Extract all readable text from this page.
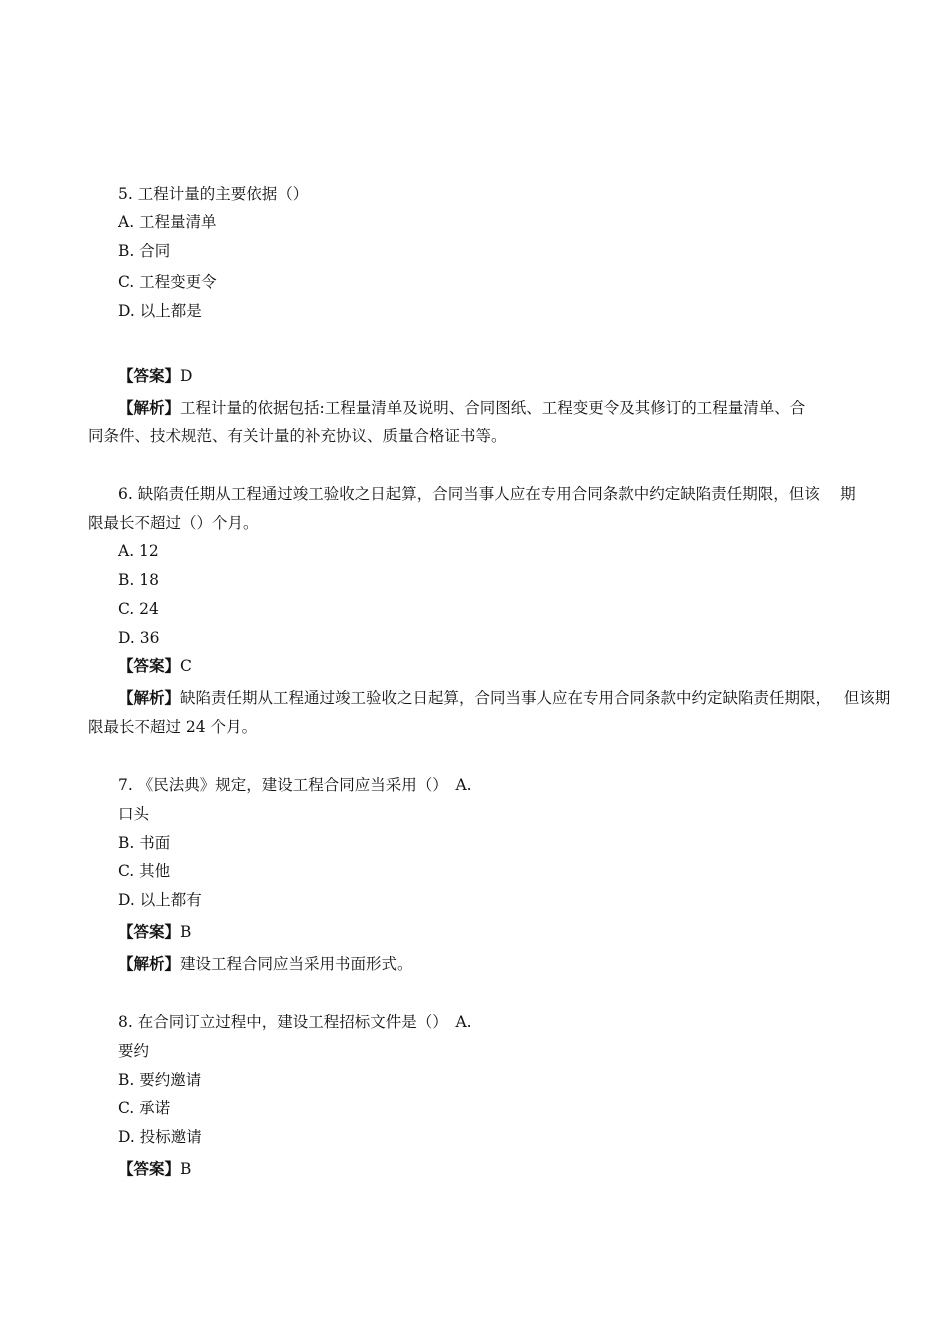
5. 工程计量的主要依据（）
A. 工程量清单
B. 合同
C. 工程变更令
D. 以上都是
【答案】D
【解析】工程计量的依据包括:工程量清单及说明、合同图纸、工程变更令及其修订的工程量清单、合
同条件、技术规范、有关计量的补充协议、质量合格证书等。
6. 缺陷责任期从工程通过竣工验收之日起算，合同当事人应在专用合同条款中约定缺陷责任期限，但该　 期
限最长不超过（）个月。
A. 12
B. 18
C. 24
D. 36
【答案】C
【解析】缺陷责任期从工程通过竣工验收之日起算，合同当事人应在专用合同条款中约定缺陷责任期限，　 但该期
限最长不超过 24 个月。
7. 《民法典》规定，建设工程合同应当采用（）　A.
口头
B. 书面
C. 其他
D. 以上都有
【答案】B
【解析】建设工程合同应当采用书面形式。
8. 在合同订立过程中，建设工程招标文件是（）　A.
要约
B. 要约邀请
C. 承诺
D. 投标邀请
【答案】B
